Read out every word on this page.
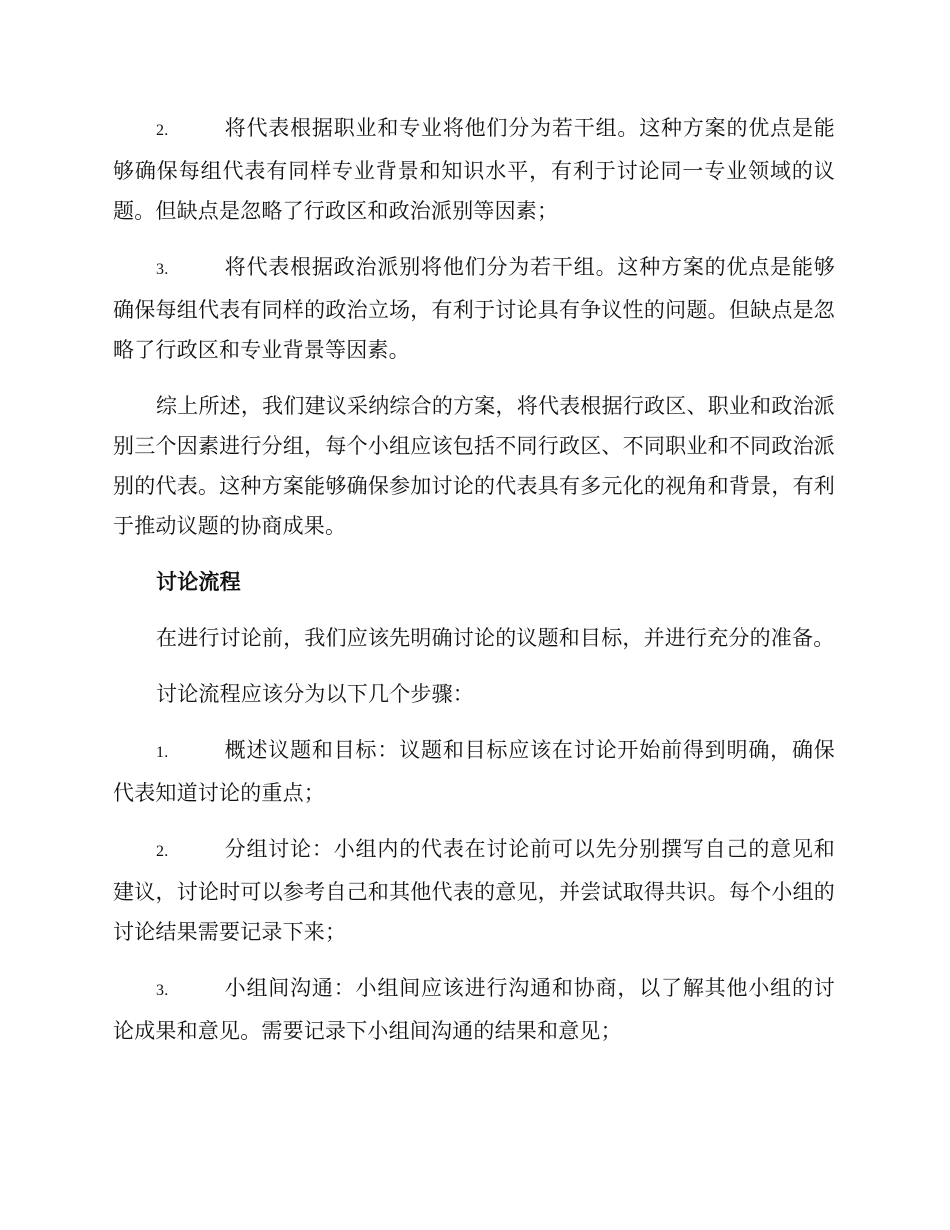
2.	将代表根据职业和专业将他们分为若干组。这种方案的优点是能够确保每组代表有同样专业背景和知识水平，有利于讨论同一专业领域的议题。但缺点是忽略了行政区和政治派别等因素；

3.	将代表根据政治派别将他们分为若干组。这种方案的优点是能够确保每组代表有同样的政治立场，有利于讨论具有争议性的问题。但缺点是忽略了行政区和专业背景等因素。

综上所述，我们建议采纳综合的方案，将代表根据行政区、职业和政治派别三个因素进行分组，每个小组应该包括不同行政区、不同职业和不同政治派别的代表。这种方案能够确保参加讨论的代表具有多元化的视角和背景，有利于推动议题的协商成果。

讨论流程

在进行讨论前，我们应该先明确讨论的议题和目标，并进行充分的准备。

讨论流程应该分为以下几个步骤：

1.	概述议题和目标：议题和目标应该在讨论开始前得到明确，确保代表知道讨论的重点；

2.	分组讨论：小组内的代表在讨论前可以先分别撰写自己的意见和建议，讨论时可以参考自己和其他代表的意见，并尝试取得共识。每个小组的讨论结果需要记录下来；

3.	小组间沟通：小组间应该进行沟通和协商，以了解其他小组的讨论成果和意见。需要记录下小组间沟通的结果和意见；
